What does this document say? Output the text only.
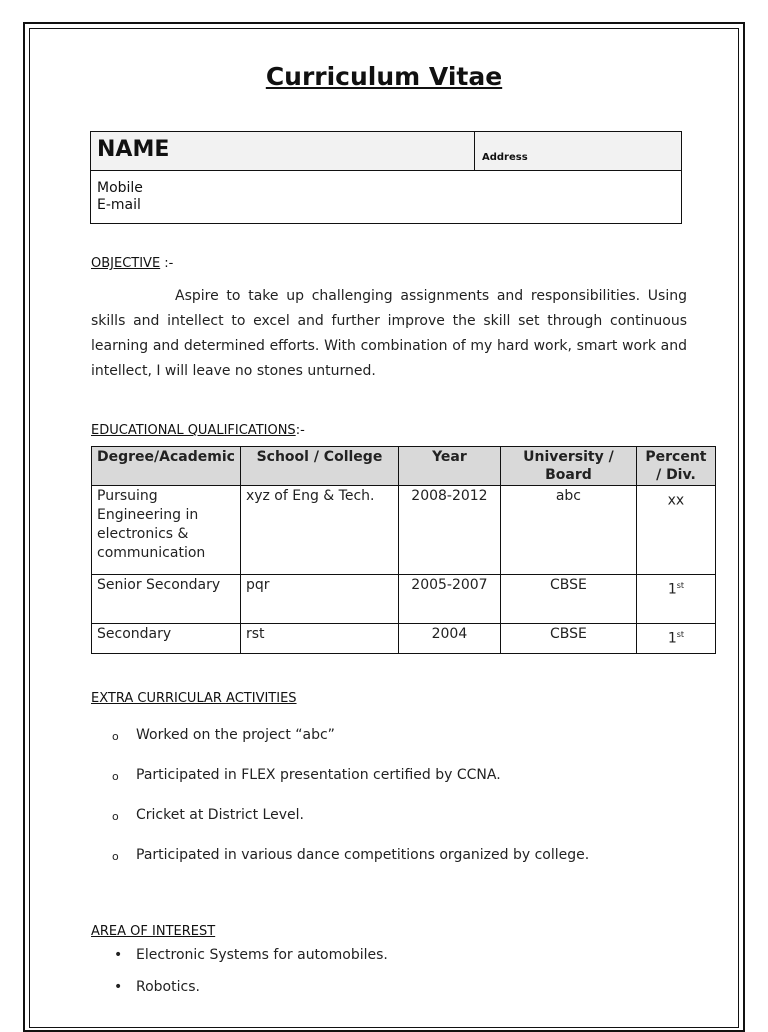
Curriculum Vitae
NAME	Address
Mobile
E-mail
OBJECTIVE :-
Aspire to take up challenging assignments and responsibilities. Using skills and intellect to excel and further improve the skill set through continuous learning and determined efforts. With combination of my hard work, smart work and intellect, I will leave no stones unturned.
EDUCATIONAL QUALIFICATIONS:-
Degree/Academic	School / College	Year	University / Board	Percent / Div.
Pursuing Engineering in electronics & communication	xyz of Eng & Tech.	2008-2012	abc	xx
Senior Secondary	pqr	2005-2007	CBSE	1st
Secondary	rst	2004	CBSE	1st
EXTRA CURRICULAR ACTIVITIES
o Worked on the project “abc”
o Participated in FLEX presentation certified by CCNA.
o Cricket at District Level.
o Participated in various dance competitions organized by college.
AREA OF INTEREST
• Electronic Systems for automobiles.
• Robotics.
